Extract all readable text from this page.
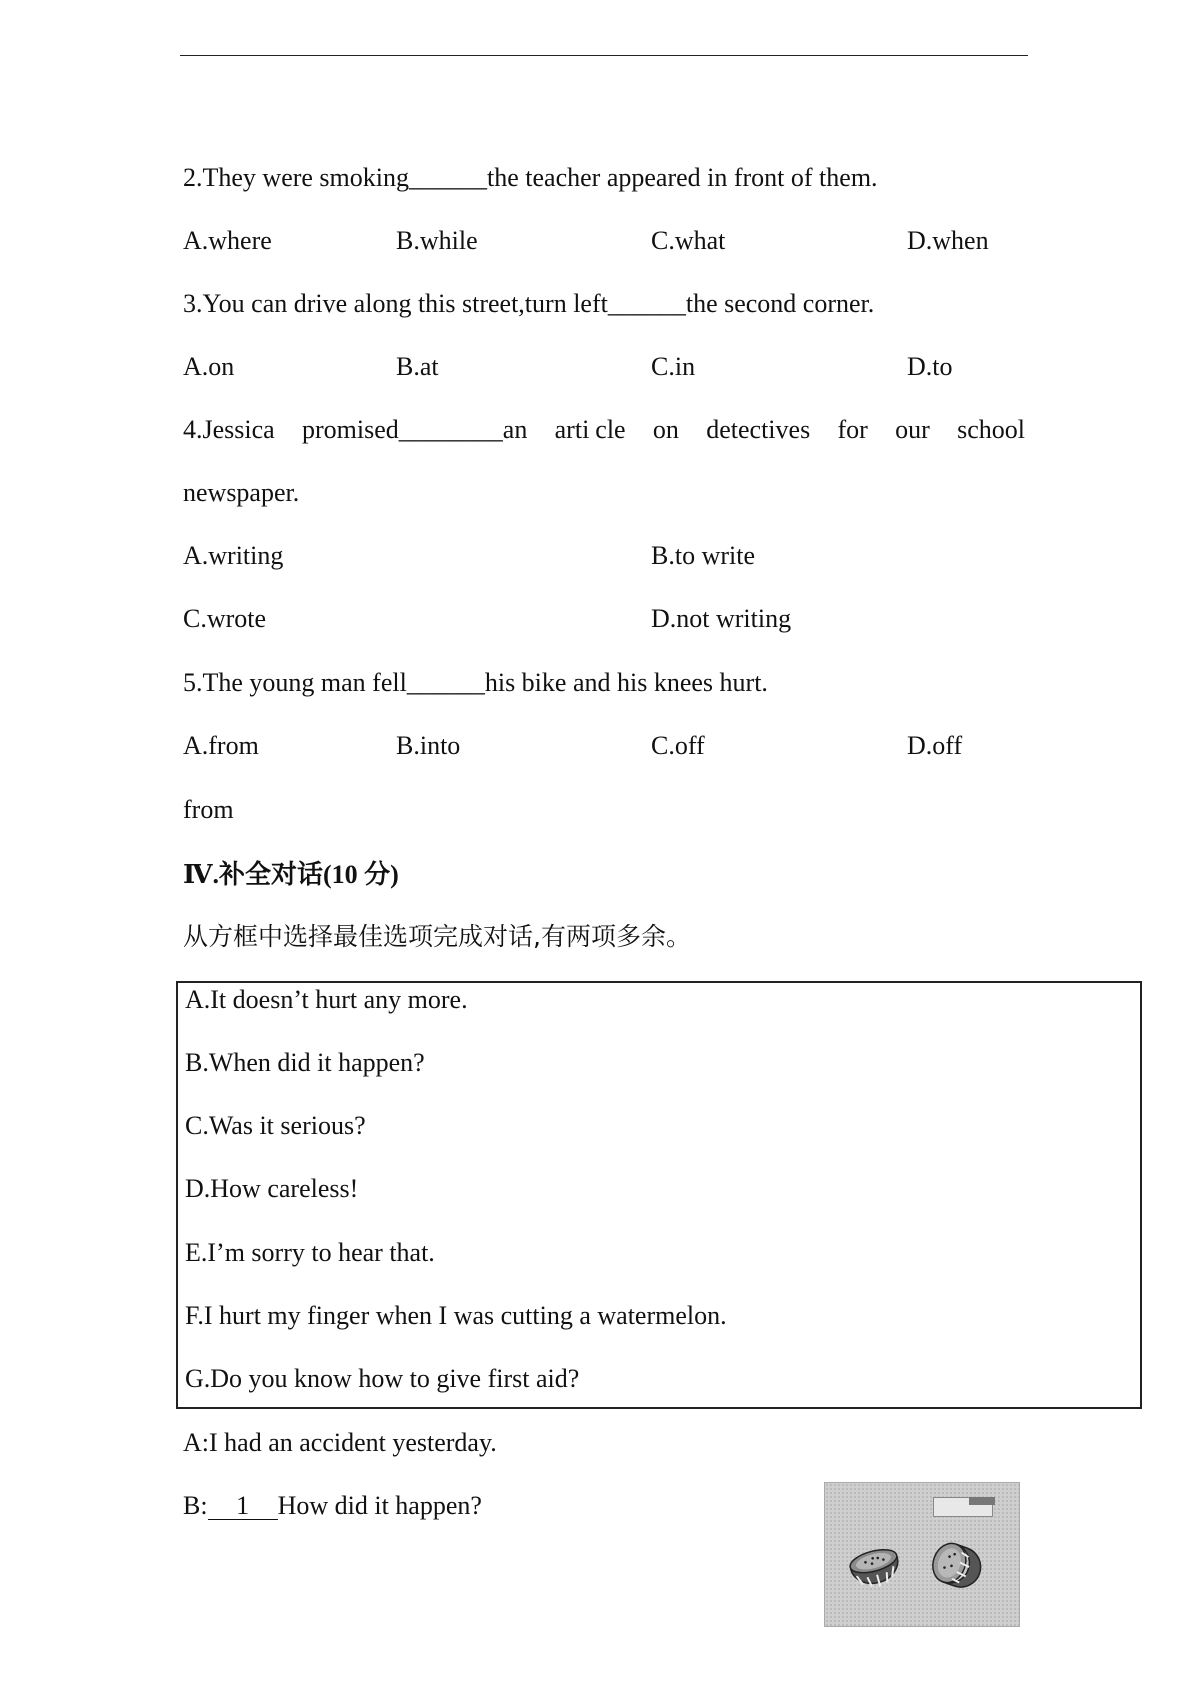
2.They were smoking______the teacher appeared in front of them.
A.where	B.while	C.what	D.when
3.You can drive along this street,turn left______the second corner.
A.on	B.at	C.in	D.to
4.Jessica promised________an arti cle on detectives for our school
newspaper.
A.writing	B.to write
C.wrote	D.not writing
5.The young man fell______his bike and his knees hurt.
A.from	B.into	C.off	D.off
from
Ⅳ.补全对话(10 分)
从方框中选择最佳选项完成对话,有两项多余。
A.It doesn’t hurt any more.
B.When did it happen?
C.Was it serious?
D.How careless!
E.I’m sorry to hear that.
F.I hurt my finger when I was cutting a watermelon.
G.Do you know how to give first aid?
A:I had an accident yesterday.
B: 1 How did it happen?
